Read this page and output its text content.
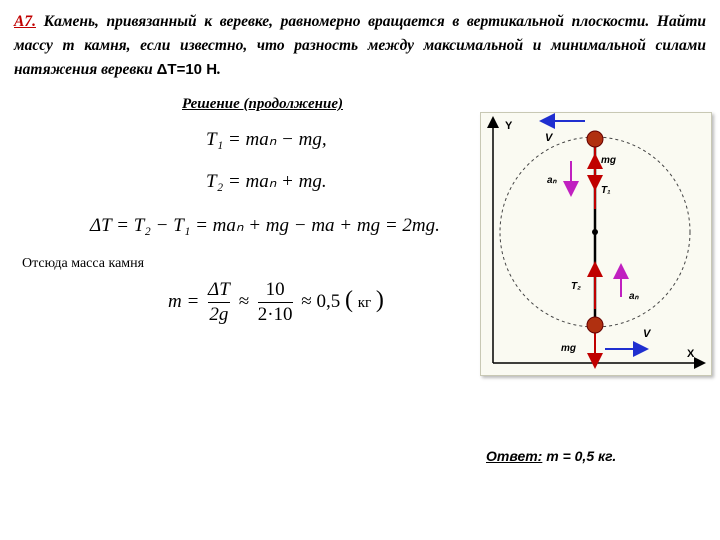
А7. Камень, привязанный к веревке, равномерно вращается в вертикальной плоскости. Найти массу m камня, если известно, что разность между максимальной и минимальной силами натяжения веревки ΔT=10 Н.
Решение (продолжение)
T₁ = maₙ − mg,
T₂ = maₙ + mg.
ΔT = T₂ − T₁ = maₙ + mg − ma + mg = 2mg.
Отсюда масса камня
$m = \frac{\Delta T}{2g} \approx \frac{10}{2\cdot 10} \approx 0,5$ ( кг )
Y
X
V
V
mg
mg
T₁
T₂
aₙ
aₙ
Ответ: m = 0,5 кг.
